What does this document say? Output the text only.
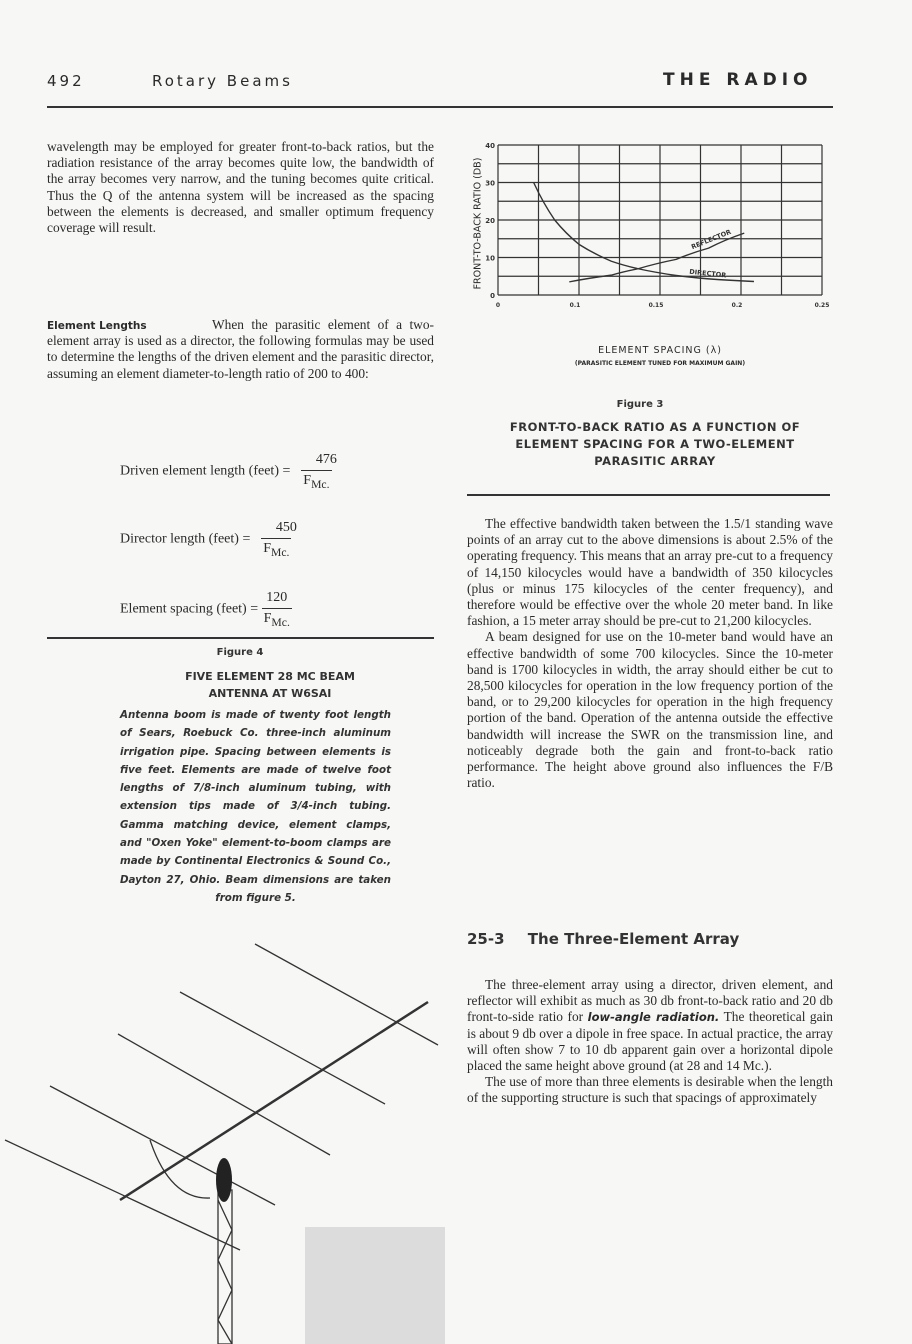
492	Rotary Beams	THE RADIO

wavelength may be employed for greater front-to-back ratios, but the radiation resistance of the array becomes quite low, the bandwidth of the array becomes very narrow, and the tuning becomes quite critical. Thus the Q of the antenna system will be increased as the spacing between the elements is decreased, and smaller optimum frequency coverage will result.

Element Lengths	When the parasitic element of a two-element array is used as a director, the following formulas may be used to determine the lengths of the driven element and the parasitic director, assuming an element diameter-to-length ratio of 200 to 400:
Driven element length (feet) = $\frac{476}{F_{Mc.}}$
Director length (feet) = $\frac{450}{F_{Mc.}}$
Element spacing (feet) = $\frac{120}{F_{Mc.}}$
Figure 4
FIVE ELEMENT 28 MC BEAM ANTENNA AT W6SAI
Antenna boom is made of twenty foot length of Sears, Roebuck Co. three-inch aluminum irrigation pipe. Spacing between elements is five feet. Elements are made of twelve foot lengths of 7/8-inch aluminum tubing, with extension tips made of 3/4-inch tubing. Gamma matching device, element clamps, and "Oxen Yoke" element-to-boom clamps are made by Continental Electronics & Sound Co., Dayton 27, Ohio. Beam dimensions are taken from figure 5.
0
10
20
30
40
0	0.1	0.15	0.2	0.25
REFLECTOR
DIRECTOR
ELEMENT SPACING (λ)
(PARASITIC ELEMENT TUNED FOR MAXIMUM GAIN)
FRONT-TO-BACK RATIO (DB)
Figure 3
FRONT-TO-BACK RATIO AS A FUNCTION OF ELEMENT SPACING FOR A TWO-ELEMENT PARASITIC ARRAY

The effective bandwidth taken between the 1.5/1 standing wave points of an array cut to the above dimensions is about 2.5% of the operating frequency. This means that an array pre-cut to a frequency of 14,150 kilocycles would have a bandwidth of 350 kilocycles (plus or minus 175 kilocycles of the center frequency), and therefore would be effective over the whole 20 meter band. In like fashion, a 15 meter array should be pre-cut to 21,200 kilocycles.

A beam designed for use on the 10-meter band would have an effective bandwidth of some 700 kilocycles. Since the 10-meter band is 1700 kilocycles in width, the array should either be cut to 28,500 kilocycles for operation in the low frequency portion of the band, or to 29,200 kilocycles for operation in the high frequency portion of the band. Operation of the antenna outside the effective bandwidth will increase the SWR on the transmission line, and noticeably degrade both the gain and front-to-back ratio performance. The height above ground also influences the F/B ratio.

25-3 The Three-Element Array

The three-element array using a director, driven element, and reflector will exhibit as much as 30 db front-to-back ratio and 20 db front-to-side ratio for low-angle radiation. The theoretical gain is about 9 db over a dipole in free space. In actual practice, the array will often show 7 to 10 db apparent gain over a horizontal dipole placed the same height above ground (at 28 and 14 Mc.).

The use of more than three elements is desirable when the length of the supporting structure is such that spacings of approximately
